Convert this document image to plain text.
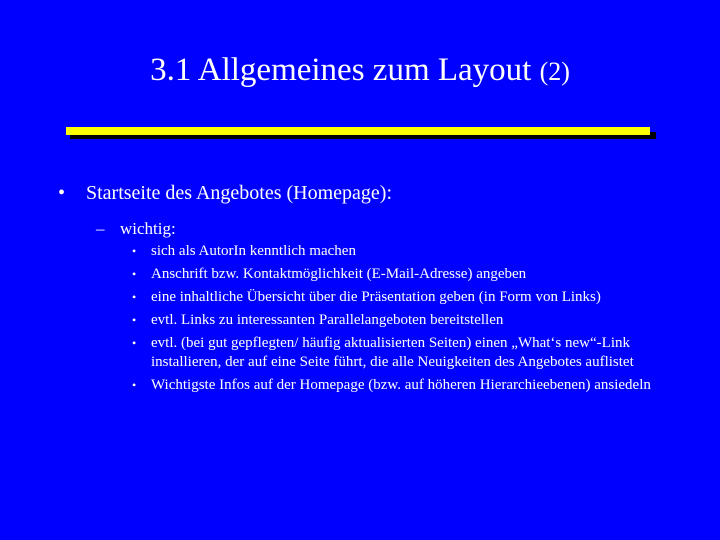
3.1 Allgemeines zum Layout (2)
• Startseite des Angebotes (Homepage):
– wichtig:
• sich als AutorIn kenntlich machen
• Anschrift bzw. Kontaktmöglichkeit (E-Mail-Adresse) angeben
• eine inhaltliche Übersicht über die Präsentation geben (in Form von Links)
• evtl. Links zu interessanten Parallelangeboten bereitstellen
• evtl. (bei gut gepflegten/ häufig aktualisierten Seiten) einen „What‘s new“-Link installieren, der auf eine Seite führt, die alle Neuigkeiten des Angebotes auflistet
• Wichtigste Infos auf der Homepage (bzw. auf höheren Hierarchieebenen) ansiedeln
